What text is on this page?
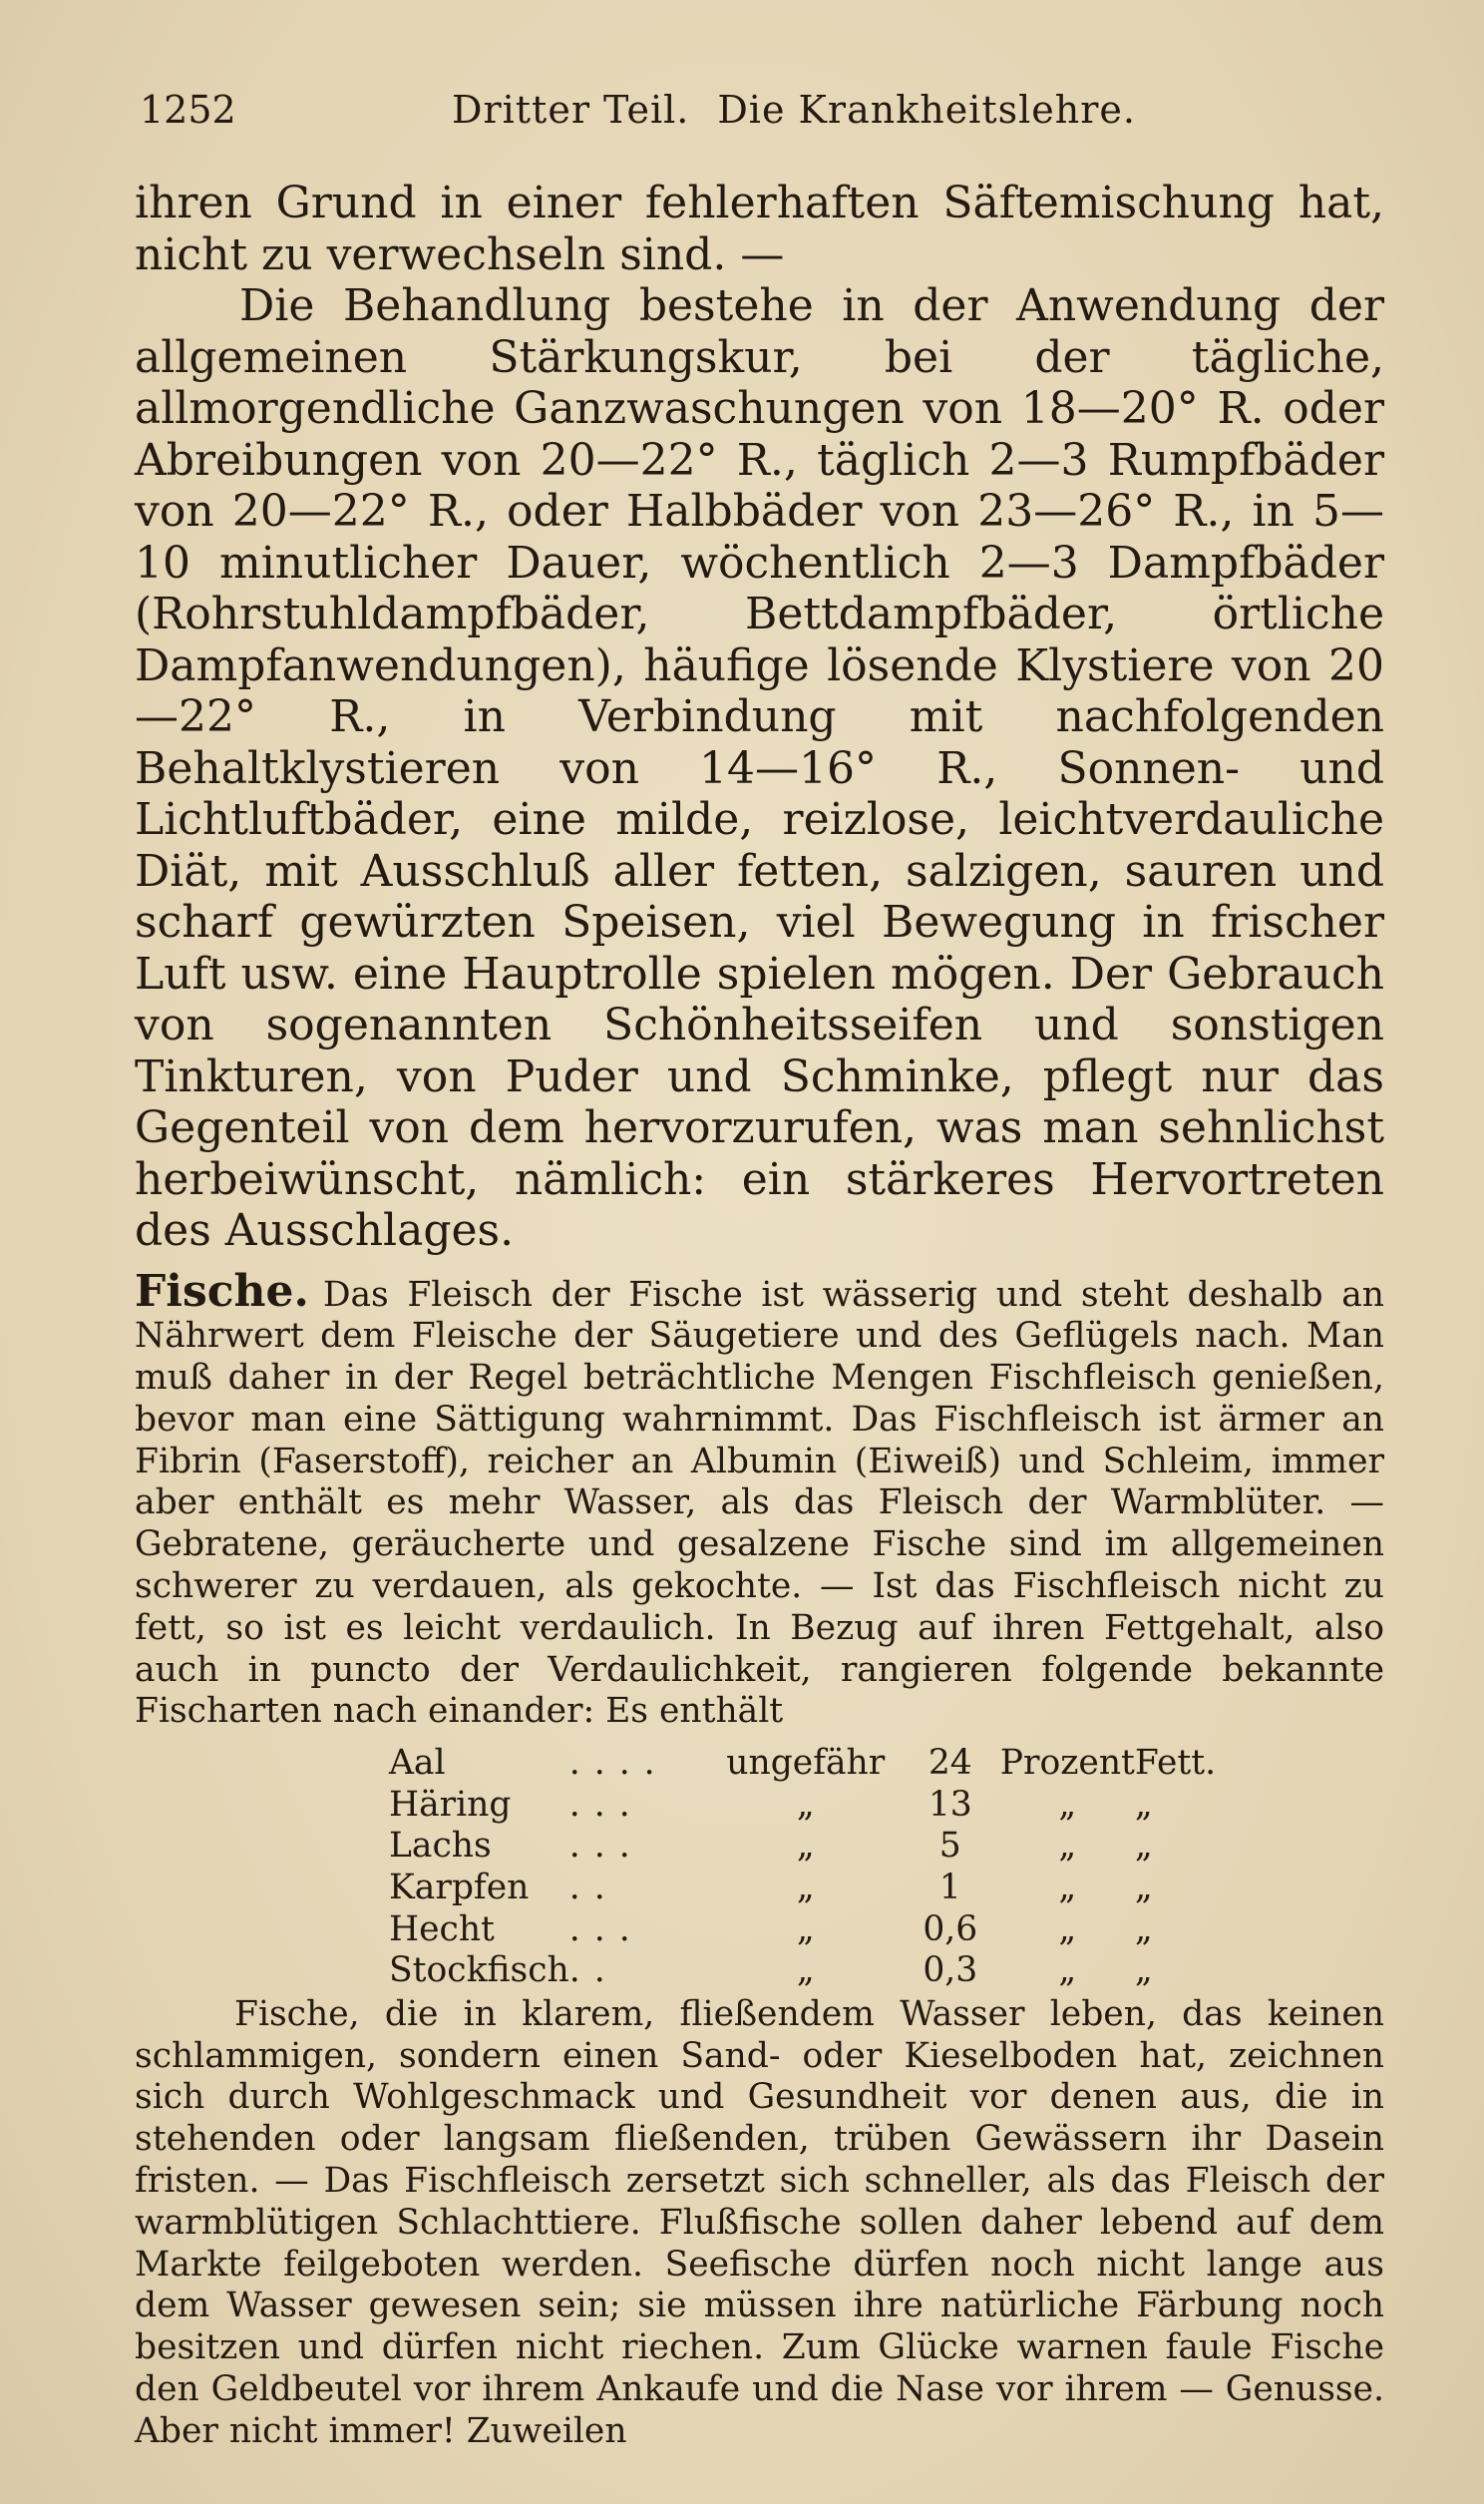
1252	Dritter Teil. Die Krankheitslehre.

ihren Grund in einer fehlerhaften Säftemischung hat, nicht zu verwechseln sind. —

Die Behandlung bestehe in der Anwendung der allgemeinen Stärkungskur, bei der tägliche, allmorgendliche Ganzwaschungen von 18—20° R. oder Abreibungen von 20—22° R., täglich 2—3 Rumpfbäder von 20—22° R., oder Halbbäder von 23—26° R., in 5—10 minutlicher Dauer, wöchentlich 2—3 Dampfbäder (Rohrstuhldampfbäder, Bettdampfbäder, örtliche Dampfanwendungen), häufige lösende Klystiere von 20—22° R., in Verbindung mit nachfolgenden Behaltklystieren von 14—16° R., Sonnen- und Lichtluftbäder, eine milde, reizlose, leichtverdauliche Diät, mit Ausschluß aller fetten, salzigen, sauren und scharf gewürzten Speisen, viel Bewegung in frischer Luft usw. eine Hauptrolle spielen mögen. Der Gebrauch von sogenannten Schönheitsseifen und sonstigen Tinkturen, von Puder und Schminke, pflegt nur das Gegenteil von dem hervorzurufen, was man sehnlichst herbeiwünscht, nämlich: ein stärkeres Hervortreten des Ausschlages.

Fische. Das Fleisch der Fische ist wässerig und steht deshalb an Nährwert dem Fleische der Säugetiere und des Geflügels nach. Man muß daher in der Regel beträchtliche Mengen Fischfleisch genießen, bevor man eine Sättigung wahrnimmt. Das Fischfleisch ist ärmer an Fibrin (Faserstoff), reicher an Albumin (Eiweiß) und Schleim, immer aber enthält es mehr Wasser, als das Fleisch der Warmblüter. — Gebratene, geräucherte und gesalzene Fische sind im allgemeinen schwerer zu verdauen, als gekochte. — Ist das Fischfleisch nicht zu fett, so ist es leicht verdaulich. In Bezug auf ihren Fettgehalt, also auch in puncto der Verdaulichkeit, rangieren folgende bekannte Fischarten nach einander: Es enthält

Aal	....	ungefähr	24	Prozent	Fett.
Häring	...	„	13	„	„
Lachs	...	„	5	„	„
Karpfen	..	„	1	„	„
Hecht	...	„	0,6	„	„
Stockfisch	..	„	0,3	„	„

Fische, die in klarem, fließendem Wasser leben, das keinen schlammigen, sondern einen Sand- oder Kieselboden hat, zeichnen sich durch Wohlgeschmack und Gesundheit vor denen aus, die in stehenden oder langsam fließenden, trüben Gewässern ihr Dasein fristen. — Das Fischfleisch zersetzt sich schneller, als das Fleisch der warmblütigen Schlachttiere. Flußfische sollen daher lebend auf dem Markte feilgeboten werden. Seefische dürfen noch nicht lange aus dem Wasser gewesen sein; sie müssen ihre natürliche Färbung noch besitzen und dürfen nicht riechen. Zum Glücke warnen faule Fische den Geldbeutel vor ihrem Ankaufe und die Nase vor ihrem — Genusse. Aber nicht immer! Zuweilen
